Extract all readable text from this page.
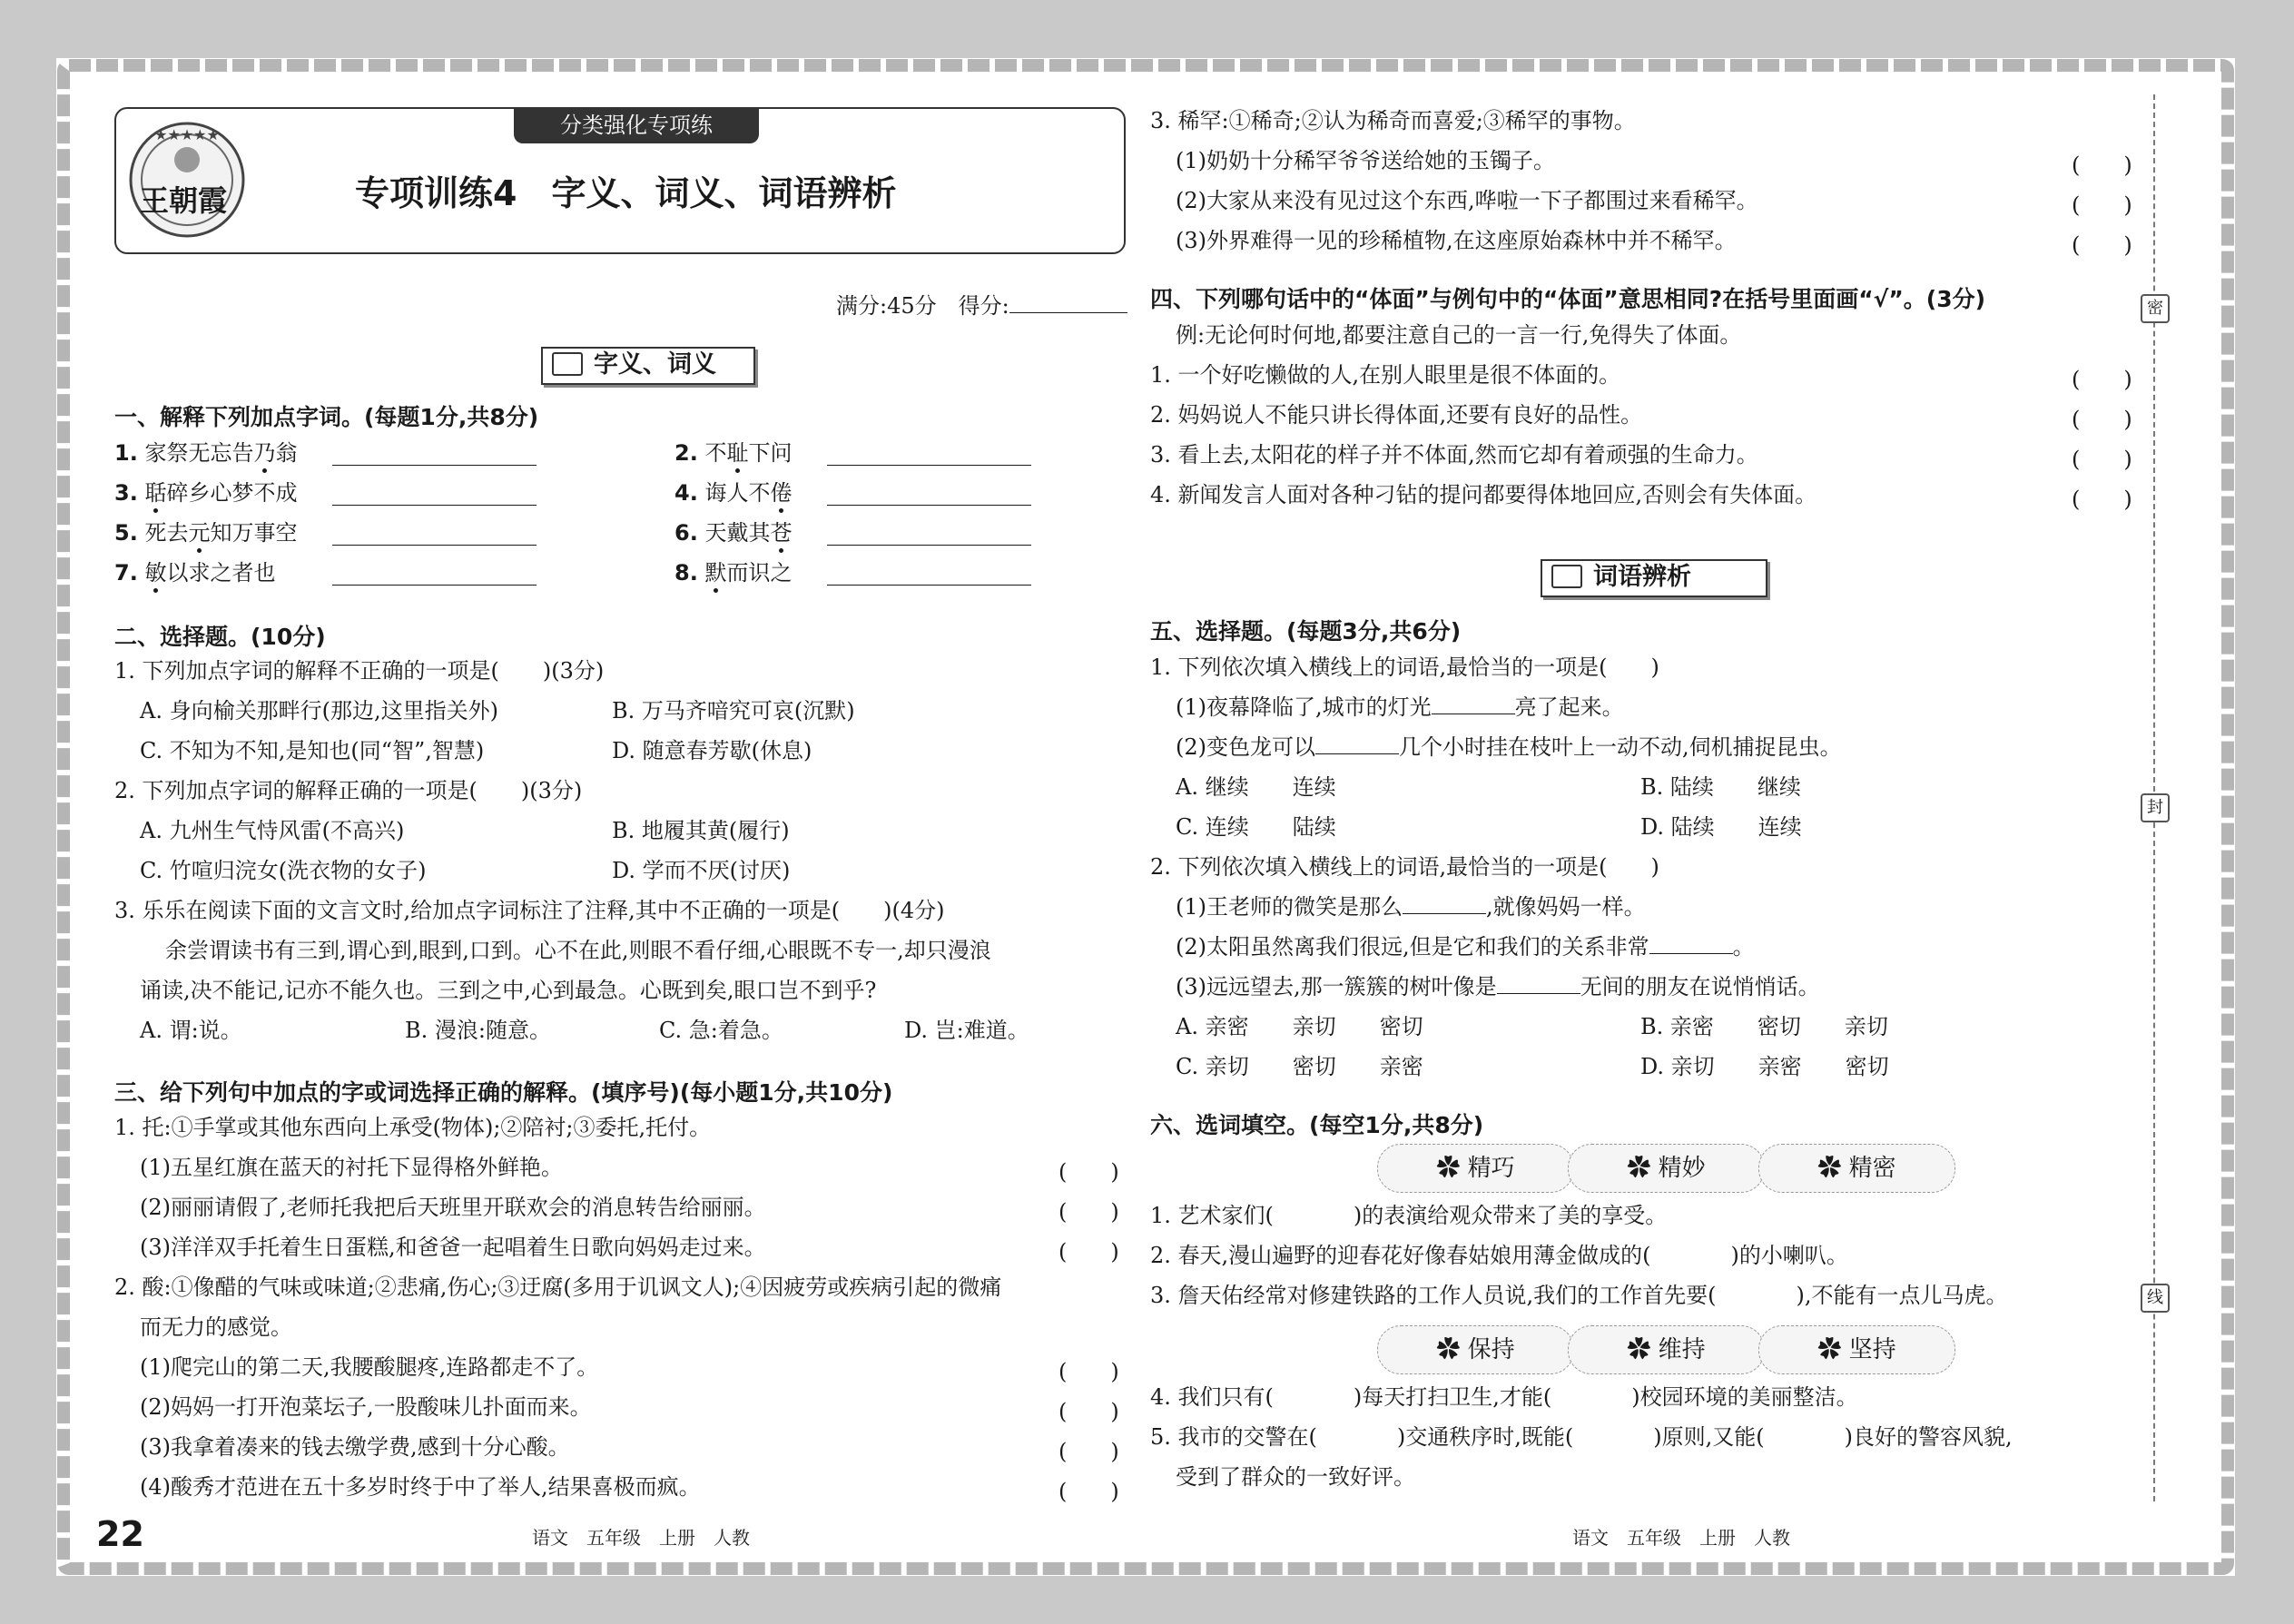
★★★★★
王朝霞
分类强化专项练
专项训练4　字义、词义、词语辨析
满分:45分　得分:
字义、词义
一、解释下列加点字词。(每题1分,共8分)
1. 家祭无忘告乃翁	2. 不耻下问
3. 聒碎乡心梦不成	4. 诲人不倦
5. 死去元知万事空	6. 天戴其苍
7. 敏以求之者也	8. 默而识之
二、选择题。(10分)
1. 下列加点字词的解释不正确的一项是(　　)(3分)
A. 身向榆关那畔行(那边,这里指关外)	B. 万马齐喑究可哀(沉默)
C. 不知为不知,是知也(同“智”,智慧)	D. 随意春芳歇(休息)
2. 下列加点字词的解释正确的一项是(　　)(3分)
A. 九州生气恃风雷(不高兴)	B. 地履其黄(履行)
C. 竹喧归浣女(洗衣物的女子)	D. 学而不厌(讨厌)
3. 乐乐在阅读下面的文言文时,给加点字词标注了注释,其中不正确的一项是(　　)(4分)
余尝谓读书有三到,谓心到,眼到,口到。心不在此,则眼不看仔细,心眼既不专一,却只漫浪
诵读,决不能记,记亦不能久也。三到之中,心到最急。心既到矣,眼口岂不到乎?
A. 谓:说。	B. 漫浪:随意。	C. 急:着急。	D. 岂:难道。
三、给下列句中加点的字或词选择正确的解释。(填序号)(每小题1分,共10分)
1. 托:①手掌或其他东西向上承受(物体);②陪衬;③委托,托付。
(1)五星红旗在蓝天的衬托下显得格外鲜艳。	(　　)
(2)丽丽请假了,老师托我把后天班里开联欢会的消息转告给丽丽。	(　　)
(3)洋洋双手托着生日蛋糕,和爸爸一起唱着生日歌向妈妈走过来。	(　　)
2. 酸:①像醋的气味或味道;②悲痛,伤心;③迂腐(多用于讥讽文人);④因疲劳或疾病引起的微痛
而无力的感觉。
(1)爬完山的第二天,我腰酸腿疼,连路都走不了。	(　　)
(2)妈妈一打开泡菜坛子,一股酸味儿扑面而来。	(　　)
(3)我拿着凑来的钱去缴学费,感到十分心酸。	(　　)
(4)酸秀才范进在五十多岁时终于中了举人,结果喜极而疯。	(　　)
22	语文　五年级　上册　人教
3. 稀罕:①稀奇;②认为稀奇而喜爱;③稀罕的事物。
(1)奶奶十分稀罕爷爷送给她的玉镯子。	(　　)
(2)大家从来没有见过这个东西,哗啦一下子都围过来看稀罕。	(　　)
(3)外界难得一见的珍稀植物,在这座原始森林中并不稀罕。	(　　)
四、下列哪句话中的“体面”与例句中的“体面”意思相同?在括号里面画“√”。(3分)
例:无论何时何地,都要注意自己的一言一行,免得失了体面。
1. 一个好吃懒做的人,在别人眼里是很不体面的。	(　　)
2. 妈妈说人不能只讲长得体面,还要有良好的品性。	(　　)
3. 看上去,太阳花的样子并不体面,然而它却有着顽强的生命力。	(　　)
4. 新闻发言人面对各种刁钻的提问都要得体地回应,否则会有失体面。	(　　)
词语辨析
五、选择题。(每题3分,共6分)
1. 下列依次填入横线上的词语,最恰当的一项是(　　)
(1)夜幕降临了,城市的灯光	亮了起来。
(2)变色龙可以	几个小时挂在枝叶上一动不动,伺机捕捉昆虫。
A. 继续 连续	B. 陆续 继续
C. 连续 陆续	D. 陆续 连续
2. 下列依次填入横线上的词语,最恰当的一项是(　　)
(1)王老师的微笑是那么	,就像妈妈一样。
(2)太阳虽然离我们很远,但是它和我们的关系非常	。
(3)远远望去,那一簇簇的树叶像是	无间的朋友在说悄悄话。
A. 亲密 亲切 密切	B. 亲密 密切 亲切
C. 亲切 密切 亲密	D. 亲切 亲密 密切
六、选词填空。(每空1分,共8分)
✿ 精巧	✿ 精妙	✿ 精密
1. 艺术家们(	)的表演给观众带来了美的享受。
2. 春天,漫山遍野的迎春花好像春姑娘用薄金做成的(	)的小喇叭。
3. 詹天佑经常对修建铁路的工作人员说,我们的工作首先要(	),不能有一点儿马虎。
✿ 保持	✿ 维持	✿ 坚持
4. 我们只有(	)每天打扫卫生,才能(	)校园环境的美丽整洁。
5. 我市的交警在(	)交通秩序时,既能(	)原则,又能(	)良好的警容风貌,
受到了群众的一致好评。
语文　五年级　上册　人教
密
封
线
